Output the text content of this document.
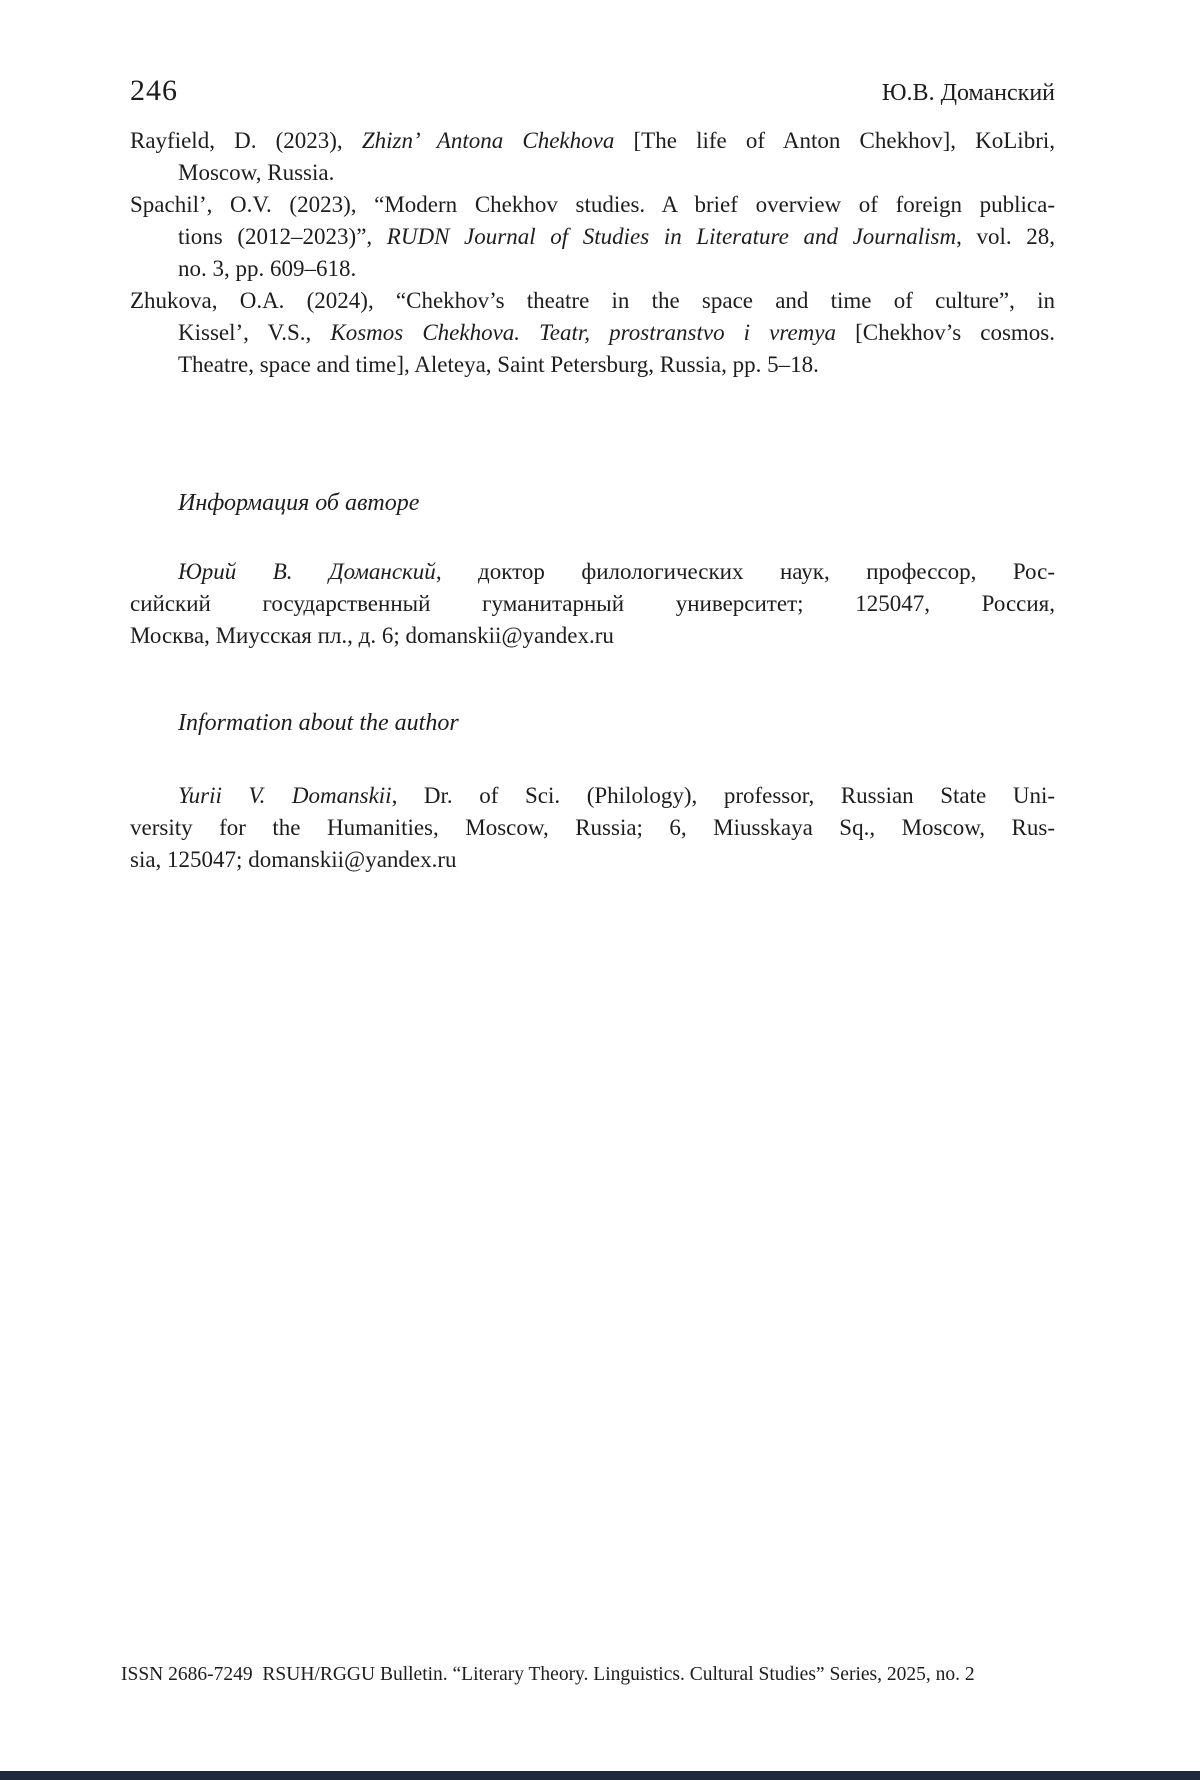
246	Ю.В. Доманский
Rayfield, D. (2023), Zhizn’ Antona Chekhova [The life of Anton Chekhov], KoLibri,
Moscow, Russia.
Spachil’, O.V. (2023), “Modern Chekhov studies. A brief overview of foreign publica-
tions (2012–2023)”, RUDN Journal of Studies in Literature and Journalism, vol. 28,
no. 3, pp. 609–618.
Zhukova, O.A. (2024), “Chekhov’s theatre in the space and time of culture”, in
Kissel’, V.S., Kosmos Chekhova. Teatr, prostranstvo i vremya [Chekhov’s cosmos.
Theatre, space and time], Aleteya, Saint Petersburg, Russia, pp. 5–18.
Информация об авторе
Юрий В. Доманский, доктор филологических наук, профессор, Рос-
сийский государственный гуманитарный университет; 125047, Россия,
Москва, Миусская пл., д. 6; domanskii@yandex.ru
Information about the author
Yurii V. Domanskii, Dr. of Sci. (Philology), professor, Russian State Uni-
versity for the Humanities, Moscow, Russia; 6, Miusskaya Sq., Moscow, Rus-
sia, 125047; domanskii@yandex.ru
ISSN 2686-7249  RSUH/RGGU Bulletin. “Literary Theory. Linguistics. Cultural Studies” Series, 2025, no. 2
